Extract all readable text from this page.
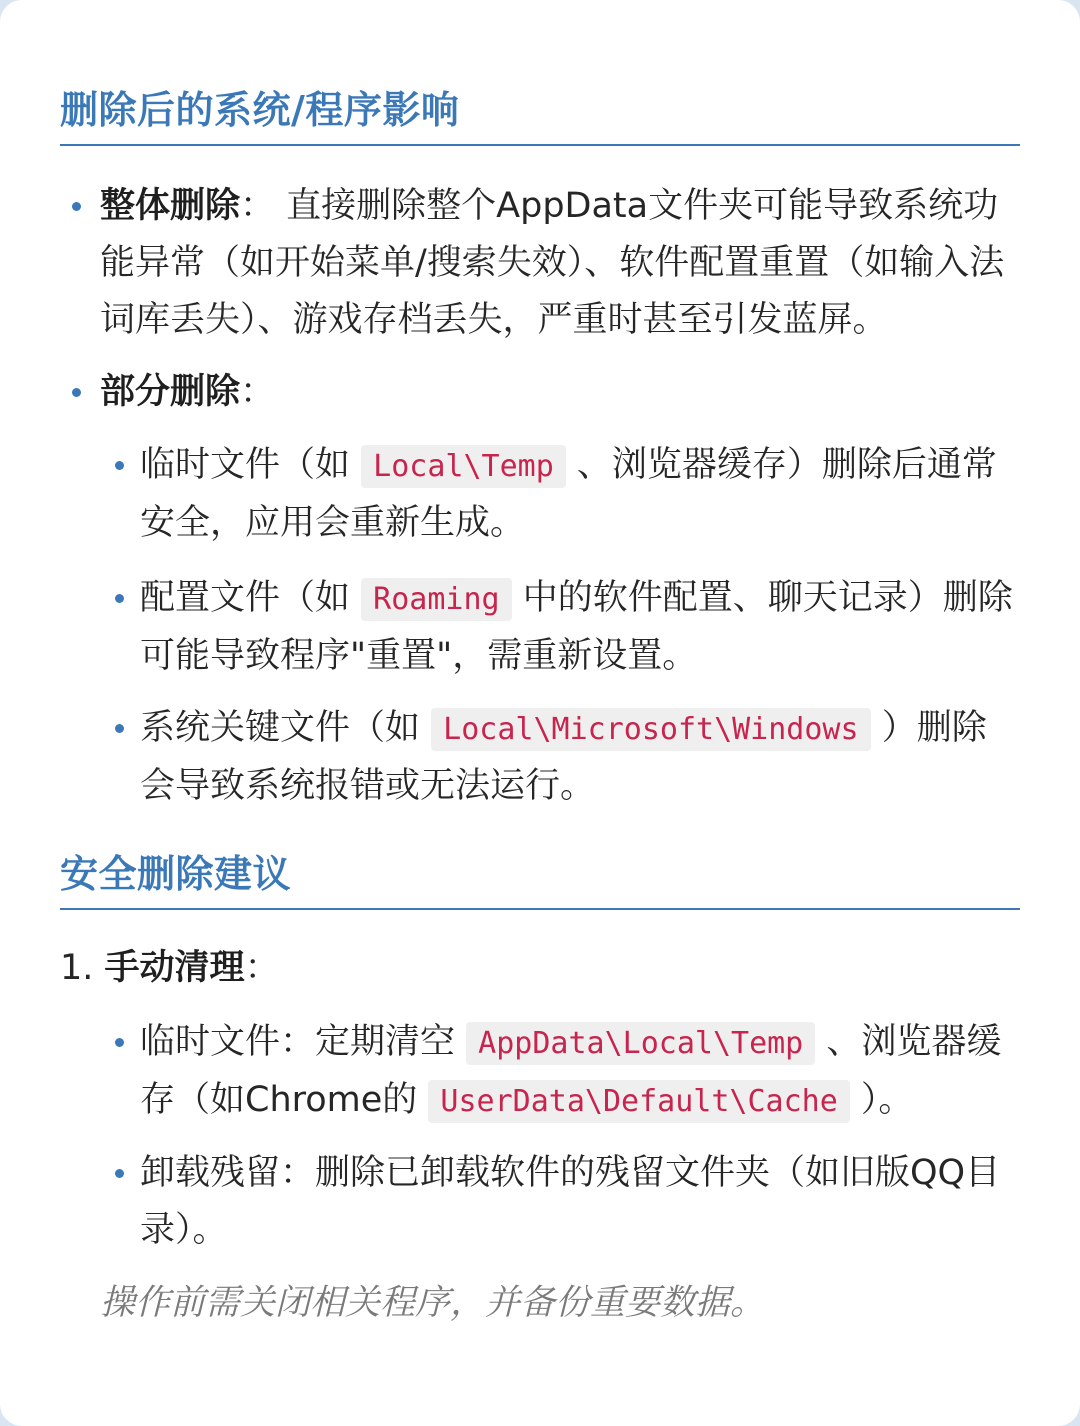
删除后的系统/程序影响
整体删除： 直接删除整个AppData文件夹可能导致系统功能异常（如开始菜单/搜索失效）、软件配置重置（如输入法词库丢失）、游戏存档丢失，严重时甚至引发蓝屏。
部分删除：
临时文件（如 Local\Temp 、浏览器缓存）删除后通常安全，应用会重新生成。
配置文件（如 Roaming 中的软件配置、聊天记录）删除可能导致程序"重置"，需重新设置。
系统关键文件（如 Local\Microsoft\Windows ）删除会导致系统报错或无法运行。
安全删除建议
1. 手动清理：
临时文件：定期清空 AppData\Local\Temp 、浏览器缓存（如Chrome的 UserData\Default\Cache ）。
卸载残留：删除已卸载软件的残留文件夹（如旧版QQ目录）。
操作前需关闭相关程序，并备份重要数据。
